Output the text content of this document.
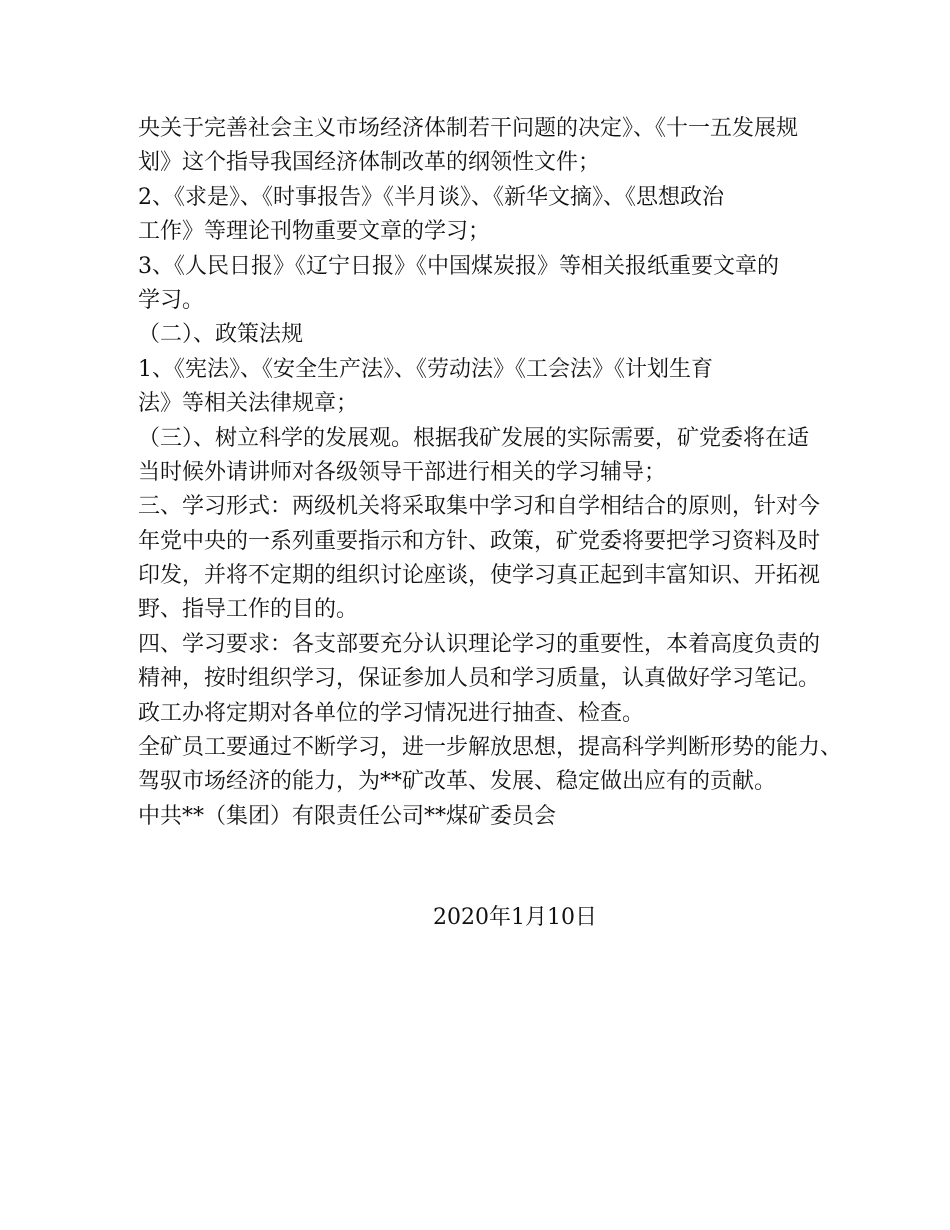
央关于完善社会主义市场经济体制若干问题的决定》、《十一五发展规

划》这个指导我国经济体制改革的纲领性文件；

2、《求是》、《时事报告》《半月谈》、《新华文摘》、《思想政治

工作》等理论刊物重要文章的学习；

3、《人民日报》《辽宁日报》《中国煤炭报》等相关报纸重要文章的

学习。

（二）、政策法规

1、《宪法》、《安全生产法》、《劳动法》《工会法》《计划生育

法》等相关法律规章；

（三）、树立科学的发展观。根据我矿发展的实际需要，矿党委将在适

当时候外请讲师对各级领导干部进行相关的学习辅导；

三、学习形式：两级机关将采取集中学习和自学相结合的原则，针对今

年党中央的一系列重要指示和方针、政策，矿党委将要把学习资料及时

印发，并将不定期的组织讨论座谈，使学习真正起到丰富知识、开拓视

野、指导工作的目的。

四、学习要求：各支部要充分认识理论学习的重要性，本着高度负责的

精神，按时组织学习，保证参加人员和学习质量，认真做好学习笔记。

政工办将定期对各单位的学习情况进行抽查、检查。

全矿员工要通过不断学习，进一步解放思想，提高科学判断形势的能力、

驾驭市场经济的能力，为**矿改革、发展、稳定做出应有的贡献。

中共**（集团）有限责任公司**煤矿委员会

2020年1月10日
